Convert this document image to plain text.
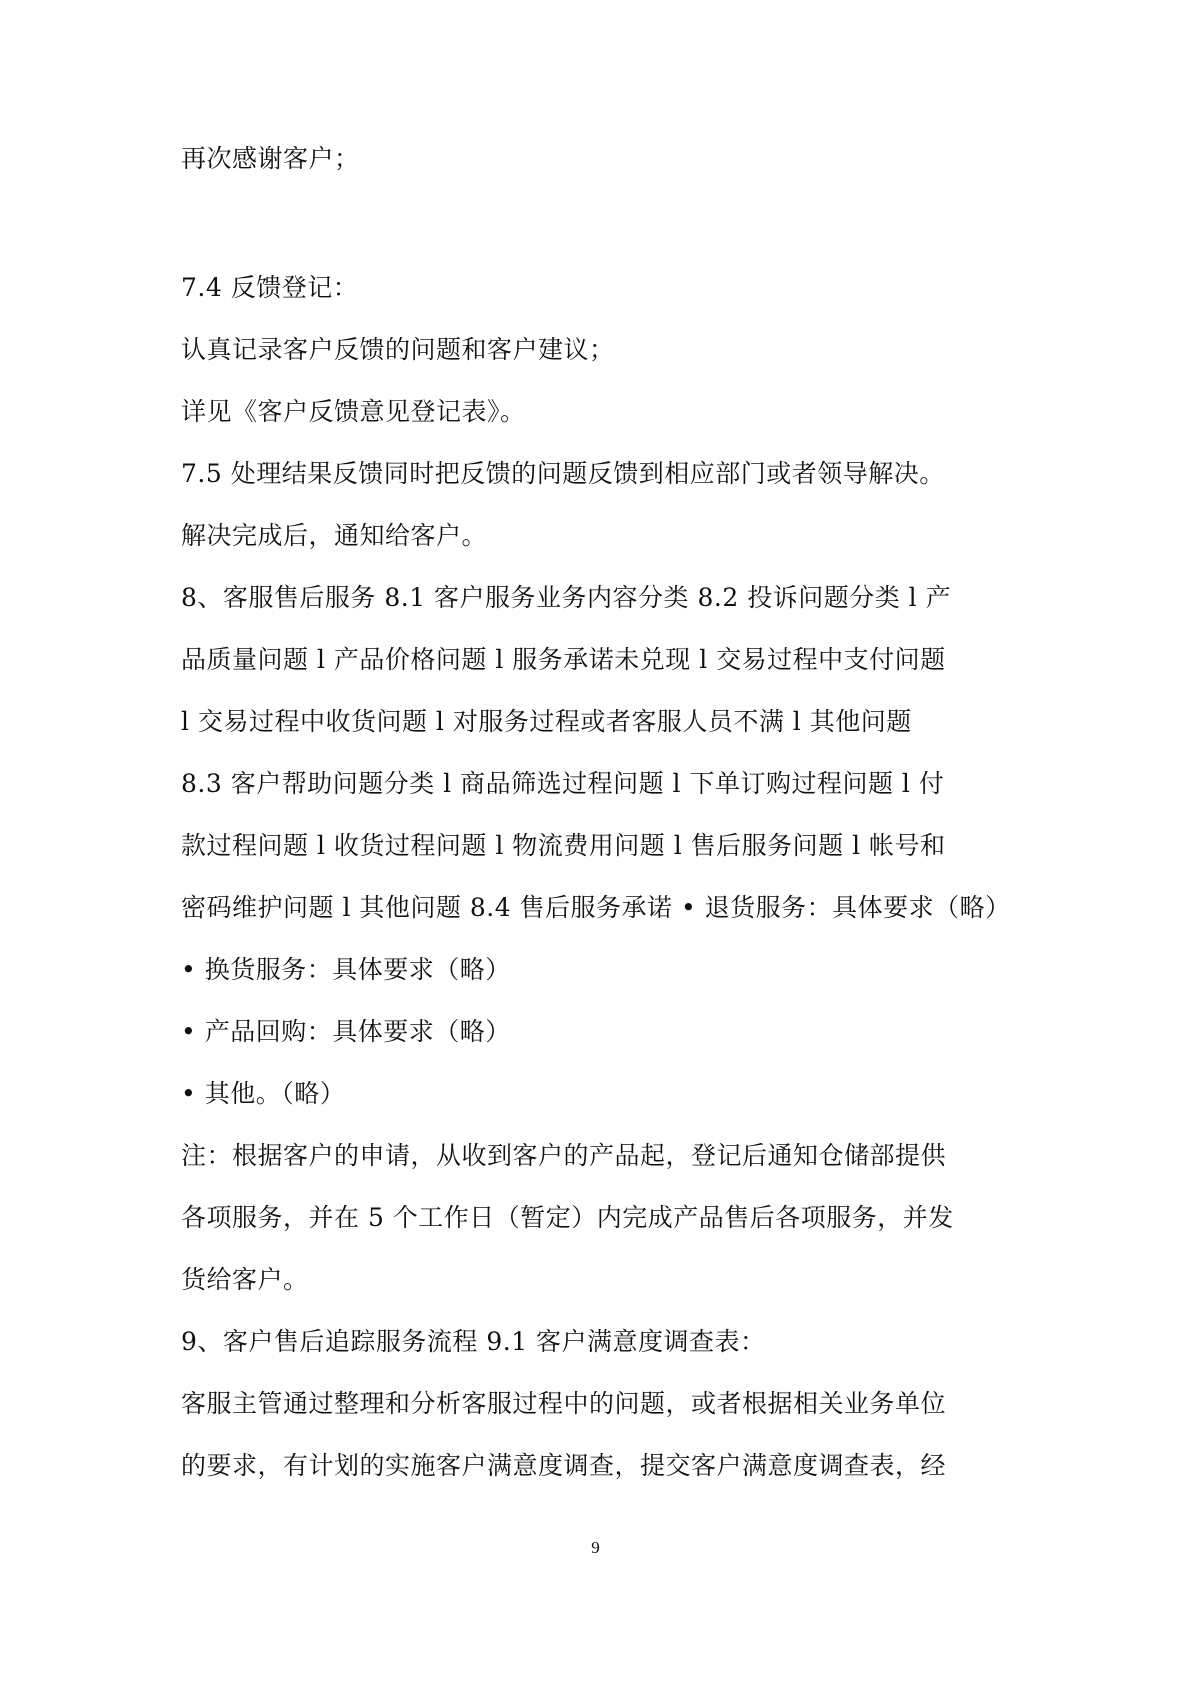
再次感谢客户；
7.4 反馈登记：
认真记录客户反馈的问题和客户建议；
详见《客户反馈意见登记表》。
7.5 处理结果反馈同时把反馈的问题反馈到相应部门或者领导解决。
解决完成后，通知给客户。
8、客服售后服务 8.1 客户服务业务内容分类 8.2 投诉问题分类 l 产
品质量问题 l 产品价格问题 l 服务承诺未兑现 l 交易过程中支付问题
l 交易过程中收货问题 l 对服务过程或者客服人员不满 l 其他问题
8.3 客户帮助问题分类 l 商品筛选过程问题 l 下单订购过程问题 l 付
款过程问题 l 收货过程问题 l 物流费用问题 l 售后服务问题 l 帐号和
密码维护问题 l 其他问题 8.4 售后服务承诺 • 退货服务：具体要求（略）
• 换货服务：具体要求（略）
• 产品回购：具体要求（略）
• 其他。（略）
注：根据客户的申请，从收到客户的产品起，登记后通知仓储部提供
各项服务，并在 5 个工作日（暂定）内完成产品售后各项服务，并发
货给客户。
9、客户售后追踪服务流程 9.1 客户满意度调查表：
客服主管通过整理和分析客服过程中的问题，或者根据相关业务单位
的要求，有计划的实施客户满意度调查，提交客户满意度调查表，经
9
